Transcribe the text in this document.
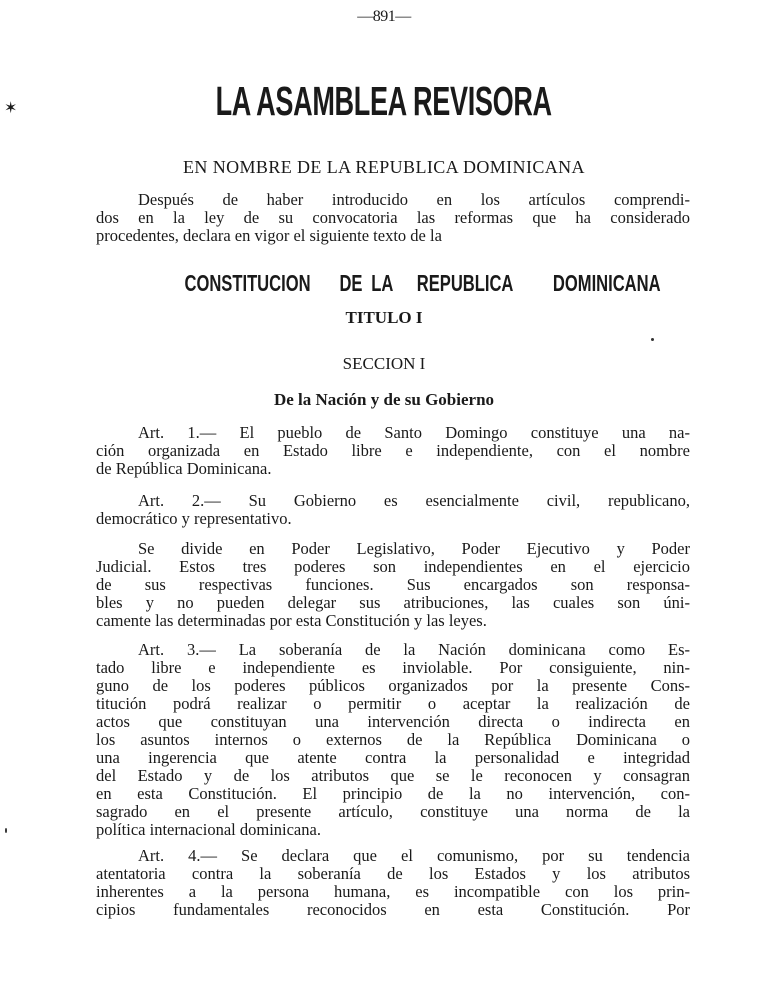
—891—
✶	LA ASAMBLEA REVISORA
EN NOMBRE DE LA REPUBLICA DOMINICANA
CONSTITUCION DE LA REPUBLICA DOMINICANA
TITULO I
SECCION I
De la Nación y de su Gobierno
Después de haber introducido en los artículos comprendi-
dos en la ley de su convocatoria las reformas que ha considerado
procedentes, declara en vigor el siguiente texto de la
Art. 1.— El pueblo de Santo Domingo constituye una na-
ción organizada en Estado libre e independiente, con el nombre
de República Dominicana.
Art. 2.— Su Gobierno es esencialmente civil, republicano,
democrático y representativo.
Se divide en Poder Legislativo, Poder Ejecutivo y Poder
Judicial. Estos tres poderes son independientes en el ejercicio
de sus respectivas funciones. Sus encargados son responsa-
bles y no pueden delegar sus atribuciones, las cuales son úni-
camente las determinadas por esta Constitución y las leyes.
Art. 3.— La soberanía de la Nación dominicana como Es-
tado libre e independiente es inviolable. Por consiguiente, nin-
guno de los poderes públicos organizados por la presente Cons-
titución podrá realizar o permitir o aceptar la realización de
actos que constituyan una intervención directa o indirecta en
los asuntos internos o externos de la República Dominicana o
una ingerencia que atente contra la personalidad e integridad
del Estado y de los atributos que se le reconocen y consagran
en esta Constitución. El principio de la no intervención, con-
sagrado en el presente artículo, constituye una norma de la
política internacional dominicana.
Art. 4.— Se declara que el comunismo, por su tendencia
atentatoria contra la soberanía de los Estados y los atributos
inherentes a la persona humana, es incompatible con los prin-
cipios fundamentales reconocidos en esta Constitución. Por
